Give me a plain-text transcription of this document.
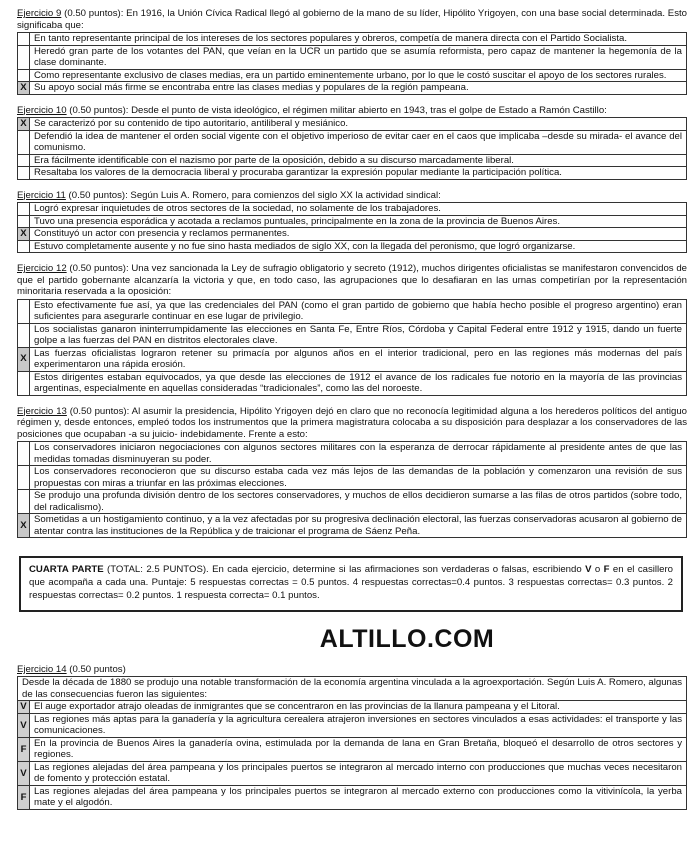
Ejercicio 9 (0.50 puntos): En 1916, la Unión Cívica Radical llegó al gobierno de la mano de su líder, Hipólito Yrigoyen, con una base social determinada. Esto significaba que:

	En tanto representante principal de los intereses de los sectores populares y obreros, competía de manera directa con el Partido Socialista.
	Heredó gran parte de los votantes del PAN, que veían en la UCR un partido que se asumía reformista, pero capaz de mantener la hegemonía de la clase dominante.
	Como representante exclusivo de clases medias, era un partido eminentemente urbano, por lo que le costó suscitar el apoyo de los sectores rurales.
X	Su apoyo social más firme se encontraba entre las clases medias y populares de la región pampeana.

Ejercicio 10 (0.50 puntos): Desde el punto de vista ideológico, el régimen militar abierto en 1943, tras el golpe de Estado a Ramón Castillo:

X	Se caracterizó por su contenido de tipo autoritario, antiliberal y mesiánico.
	Defendió la idea de mantener el orden social vigente con el objetivo imperioso de evitar caer en el caos que implicaba –desde su mirada- el avance del comunismo.
	Era fácilmente identificable con el nazismo por parte de la oposición, debido a su discurso marcadamente liberal.
	Resaltaba los valores de la democracia liberal y procuraba garantizar la expresión popular mediante la participación política.

Ejercicio 11 (0.50 puntos): Según Luis A. Romero, para comienzos del siglo XX la actividad sindical:

	Logró expresar inquietudes de otros sectores de la sociedad, no solamente de los trabajadores.
	Tuvo una presencia esporádica y acotada a reclamos puntuales, principalmente en la zona de la provincia de Buenos Aires.
X	Constituyó un actor con presencia y reclamos permanentes.
	Estuvo completamente ausente y no fue sino hasta mediados de siglo XX, con la llegada del peronismo, que logró organizarse.

Ejercicio 12 (0.50 puntos): Una vez sancionada la Ley de sufragio obligatorio y secreto (1912), muchos dirigentes oficialistas se manifestaron convencidos de que el partido gobernante alcanzaría la victoria y que, en todo caso, las agrupaciones que lo desafiaran en las urnas competirían por la representación minoritaria reservada a la oposición:

	Esto efectivamente fue así, ya que las credenciales del PAN (como el gran partido de gobierno que había hecho posible el progreso argentino) eran suficientes para asegurarle continuar en ese lugar de privilegio.
	Los socialistas ganaron ininterrumpidamente las elecciones en Santa Fe, Entre Ríos, Córdoba y Capital Federal entre 1912 y 1915, dando un fuerte golpe a las fuerzas del PAN en distritos electorales clave.
X	Las fuerzas oficialistas lograron retener su primacía por algunos años en el interior tradicional, pero en las regiones más modernas del país experimentaron una rápida erosión.
	Estos dirigentes estaban equivocados, ya que desde las elecciones de 1912 el avance de los radicales fue notorio en la mayoría de las provincias argentinas, especialmente en aquellas consideradas “tradicionales”, como las del noroeste.

Ejercicio 13 (0.50 puntos): Al asumir la presidencia, Hipólito Yrigoyen dejó en claro que no reconocía legitimidad alguna a los herederos políticos del antiguo régimen y, desde entonces, empleó todos los instrumentos que la primera magistratura colocaba a su disposición para desplazar a los conservadores de las posiciones que ocupaban -a su juicio- indebidamente. Frente a esto:

	Los conservadores iniciaron negociaciones con algunos sectores militares con la esperanza de derrocar rápidamente al presidente antes de que las medidas tomadas disminuyeran su poder.
	Los conservadores reconocieron que su discurso estaba cada vez más lejos de las demandas de la población y comenzaron una revisión de sus propuestas con miras a triunfar en las próximas elecciones.
	Se produjo una profunda división dentro de los sectores conservadores, y muchos de ellos decidieron sumarse a las filas de otros partidos (sobre todo, del radicalismo).
X	Sometidas a un hostigamiento continuo, y a la vez afectadas por su progresiva declinación electoral, las fuerzas conservadoras acusaron al gobierno de atentar contra las instituciones de la República y de traicionar el programa de Sáenz Peña.
CUARTA PARTE (TOTAL: 2.5 PUNTOS). En cada ejercicio, determine si las afirmaciones son verdaderas o falsas, escribiendo V o F en el casillero que acompaña a cada una. Puntaje: 5 respuestas correctas = 0.5 puntos. 4 respuestas correctas=0.4 puntos. 3 respuestas correctas= 0.3 puntos. 2 respuestas correctas= 0.2 puntos. 1 respuesta correcta= 0.1 puntos.
ALTILLO.COM

Ejercicio 14 (0.50 puntos)

Desde la década de 1880 se produjo una notable transformación de la economía argentina vinculada a la agroexportación. Según Luis A. Romero, algunas de las consecuencias fueron las siguientes:	
V	El auge exportador atrajo oleadas de inmigrantes que se concentraron en las provincias de la llanura pampeana y el Litoral.
V	Las regiones más aptas para la ganadería y la agricultura cerealera atrajeron inversiones en sectores vinculados a esas actividades: el transporte y las comunicaciones.
F	En la provincia de Buenos Aires la ganadería ovina, estimulada por la demanda de lana en Gran Bretaña, bloqueó el desarrollo de otros sectores y regiones.
V	Las regiones alejadas del área pampeana y los principales puertos se integraron al mercado interno con producciones que muchas veces necesitaron de fomento y protección estatal.
F	Las regiones alejadas del área pampeana y los principales puertos se integraron al mercado externo con producciones como la vitivinícola, la yerba mate y el algodón.
